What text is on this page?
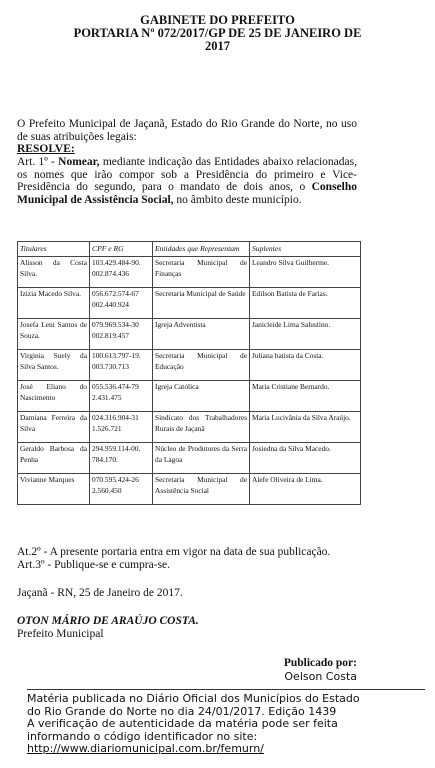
GABINETE DO PREFEITO
PORTARIA Nº 072/2017/GP DE 25 DE JANEIRO DE
2017
O Prefeito Municipal de Jaçanã, Estado do Rio Grande do Norte, no uso de suas atribuições legais:
RESOLVE:
Art. 1º - Nomear, mediante indicação das Entidades abaixo relacionadas, os nomes que irão compor sob a Presidência do primeiro e Vice-Presidência do segundo, para o mandato de dois anos, o Conselho Municipal de Assistência Social, no âmbito deste município.
Titulares	CPF e RG	Entidades que Representam	Suplentes
Alisson da Costa Silva.	103.429.484-90. 002.874.436	Secretaria Municipal de Finanças	Leandro Silva Guilherme.
Izizia Macedo Silva.	056.672.574-67 002.440.924	Secretaria Municipal de Saúde	Edilson Batista de Farias.
Josefa Leni Santos de Souza.	079.969.534-30 002.819.457	Igreja Adventista	Janicleide Lima Salustino.
Virginia Suely da Silva Santos.	100.613.797-19. 003.730.713	Secretaria Municipal de Educação	Juliana batista da Costa.
José Eliano do Nascimento	055.536.474-79 2.431.475	Igreja Católica	Maria Cristiane Bernardo.
Damiana Ferreira da Silva	024.316.904-31 1.526.721	Sindicato dos Trabalhadores Rurais de Jaçanã	Maria Lucivânia da Silva Araújo.
Geraldo Barbosa da Penha	294.959.114-00. 784.170.	Núcleo de Produtores da Serra da Lagoa	Josiedna da Silva Macedo.
Vivianne Marques	070.595.424-26 2.560.450	Secretaria Municipal de Assistência Social	Alefe Oliveira de Lima.
At.2º - A presente portaria entra em vigor na data de sua publicação.
Art.3º - Publique-se e cumpra-se.
Jaçanã - RN, 25 de Janeiro de 2017.
OTON MÁRIO DE ARAÚJO COSTA.
Prefeito Municipal
Publicado por:
Oelson Costa
Matéria publicada no Diário Oficial dos Municípios do Estado
do Rio Grande do Norte no dia 24/01/2017. Edição 1439
A verificação de autenticidade da matéria pode ser feita
informando o código identificador no site:
http://www.diariomunicipal.com.br/femurn/
